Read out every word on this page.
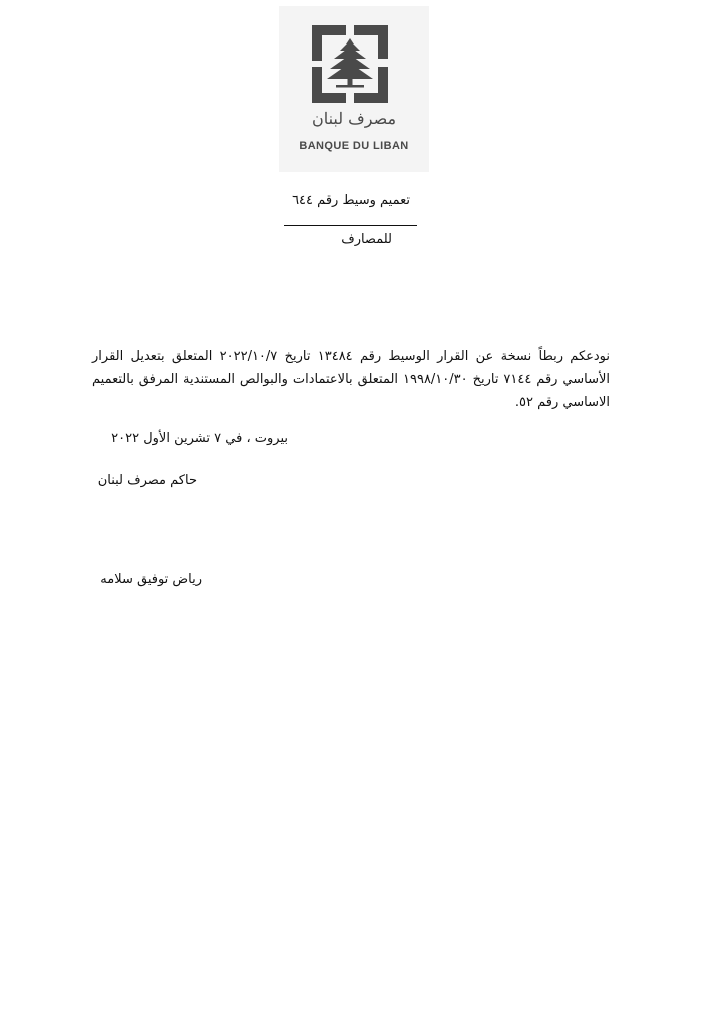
مصرف لبنان
BANQUE DU LIBAN
تعميم وسيط رقم ٦٤٤
للمصارف

نودعكم ربطاً نسخة عن القرار الوسيط رقم ١٣٤٨٤ تاريخ ٢٠٢٢/١٠/٧ المتعلق بتعديل القرار الأساسي رقم ٧١٤٤ تاريخ ١٩٩٨/١٠/٣٠ المتعلق بالاعتمادات والبوالص المستندية المرفق بالتعميم الاساسي رقم ٥٢.

بيروت ، في ٧ تشرين الأول ٢٠٢٢
حاكم مصرف لبنان
رياض توفيق سلامه
